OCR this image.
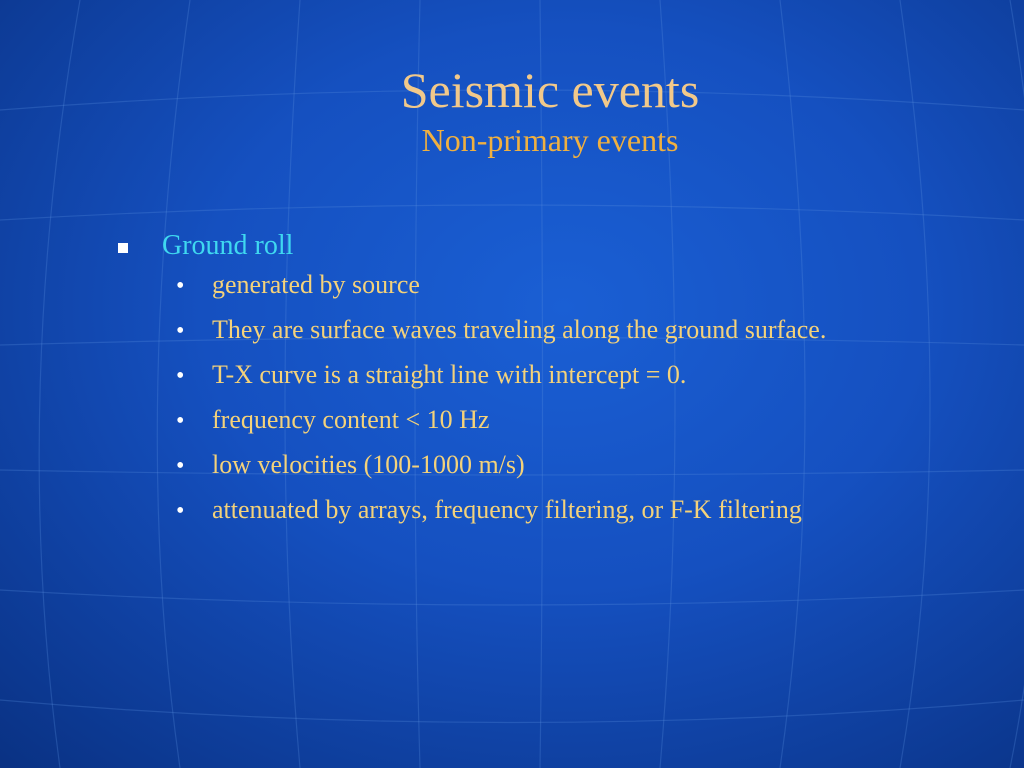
Seismic events
Non-primary events
Ground roll
•	generated by source
•	They are surface waves traveling along the ground surface.
•	T-X curve is a straight line with intercept = 0.
•	frequency content < 10 Hz
•	low velocities (100-1000 m/s)
•	attenuated by arrays, frequency filtering, or F-K filtering
